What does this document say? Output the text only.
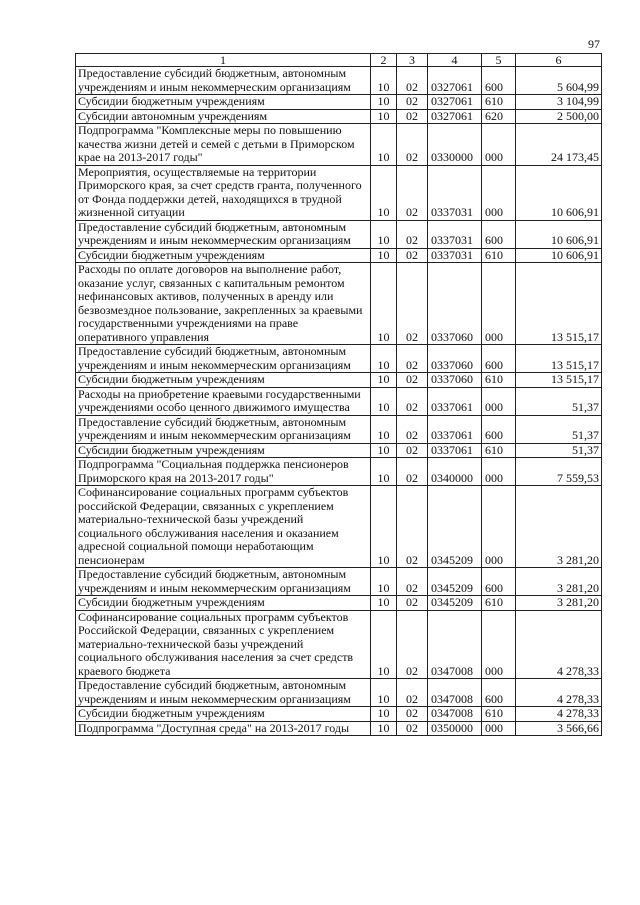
97
1	2	3	4	5	6
Предоставление субсидий бюджетным, автономным учреждениям и иным некоммерческим организациям	10	02	0327061	600	5 604,99
Субсидии бюджетным учреждениям	10	02	0327061	610	3 104,99
Субсидии автономным учреждениям	10	02	0327061	620	2 500,00
Подпрограмма "Комплексные меры по повышению качества жизни детей и семей с детьми в Приморском крае на 2013-2017 годы"	10	02	0330000	000	24 173,45
Мероприятия, осуществляемые на территории Приморского края, за счет средств гранта, полученного от Фонда поддержки детей, находящихся в трудной жизненной ситуации	10	02	0337031	000	10 606,91
Предоставление субсидий бюджетным, автономным учреждениям и иным некоммерческим организациям	10	02	0337031	600	10 606,91
Субсидии бюджетным учреждениям	10	02	0337031	610	10 606,91
Расходы по оплате договоров на выполнение работ, оказание услуг, связанных с капитальным ремонтом нефинансовых активов, полученных в аренду или безвозмездное пользование, закрепленных за краевыми государственными учреждениями на праве оперативного управления	10	02	0337060	000	13 515,17
Предоставление субсидий бюджетным, автономным учреждениям и иным некоммерческим организациям	10	02	0337060	600	13 515,17
Субсидии бюджетным учреждениям	10	02	0337060	610	13 515,17
Расходы на приобретение краевыми государственными учреждениями особо ценного движимого имущества	10	02	0337061	000	51,37
Предоставление субсидий бюджетным, автономным учреждениям и иным некоммерческим организациям	10	02	0337061	600	51,37
Субсидии бюджетным учреждениям	10	02	0337061	610	51,37
Подпрограмма "Социальная поддержка пенсионеров Приморского края на 2013-2017 годы"	10	02	0340000	000	7 559,53
Софинансирование социальных программ субъектов российской Федерации, связанных с укреплением материально-технической базы учреждений социального обслуживания населения и оказанием адресной социальной помощи неработающим пенсионерам	10	02	0345209	000	3 281,20
Предоставление субсидий бюджетным, автономным учреждениям и иным некоммерческим организациям	10	02	0345209	600	3 281,20
Субсидии бюджетным учреждениям	10	02	0345209	610	3 281,20
Софинансирование социальных программ субъектов Российской Федерации, связанных с укреплением материально-технической базы учреждений социального обслуживания населения за счет средств краевого бюджета	10	02	0347008	000	4 278,33
Предоставление субсидий бюджетным, автономным учреждениям и иным некоммерческим организациям	10	02	0347008	600	4 278,33
Субсидии бюджетным учреждениям	10	02	0347008	610	4 278,33
Подпрограмма "Доступная среда" на 2013-2017 годы	10	02	0350000	000	3 566,66
